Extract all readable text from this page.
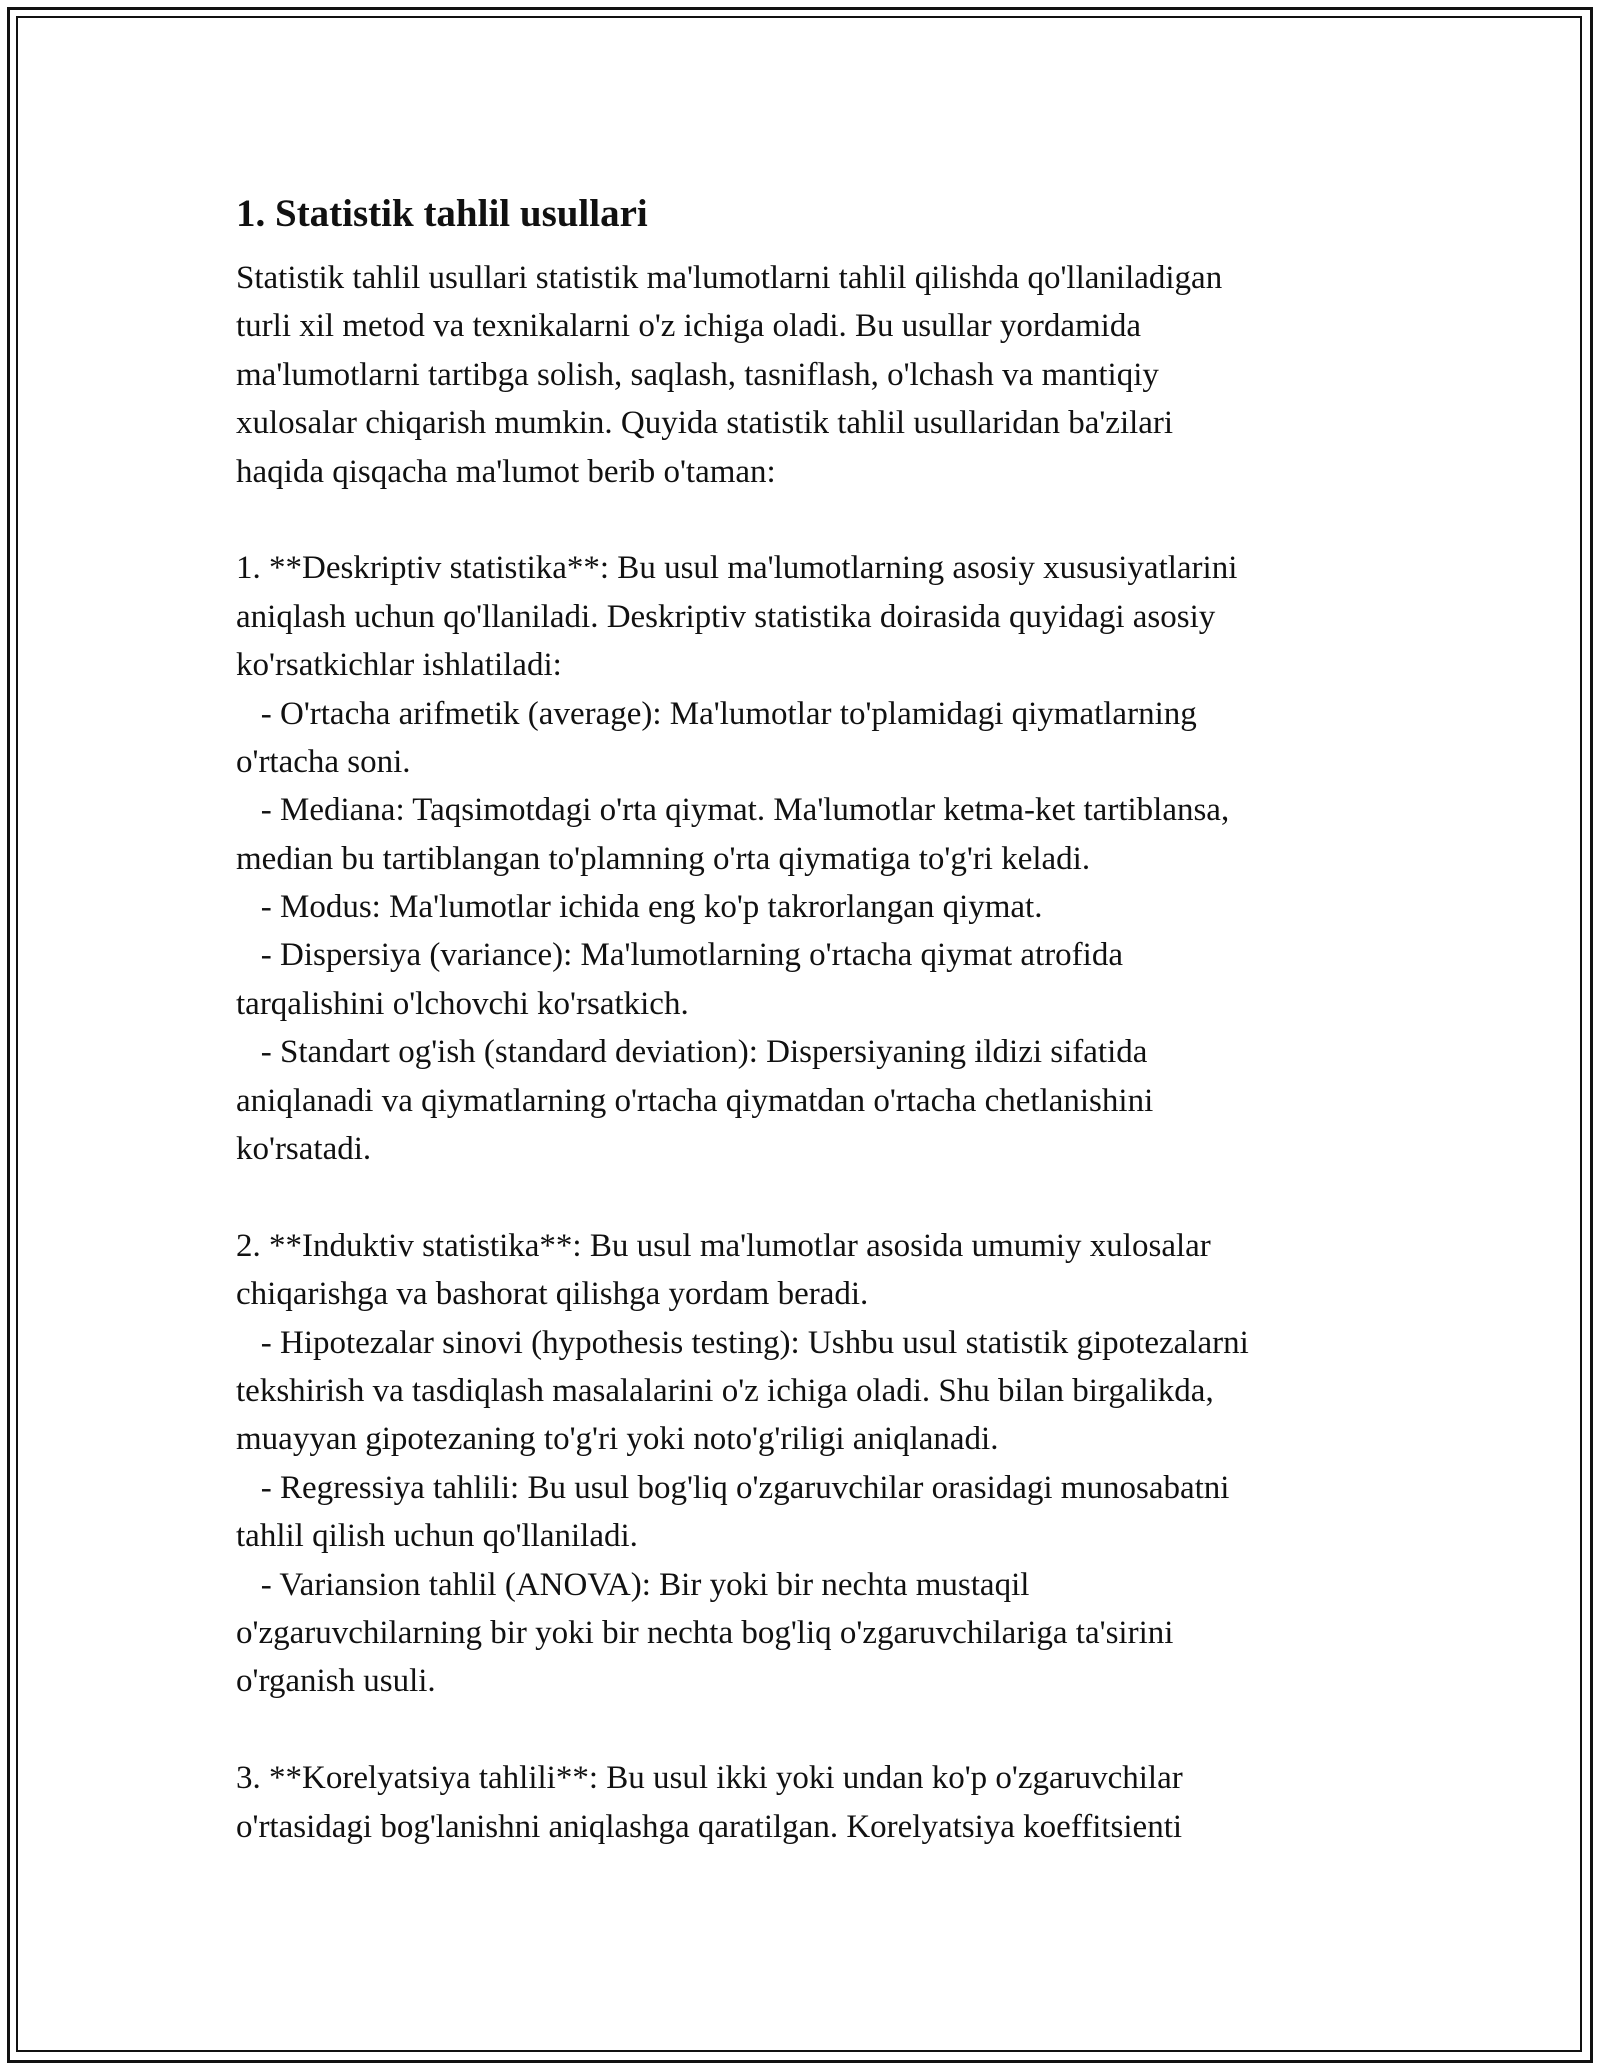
1. Statistik tahlil usullari
Statistik tahlil usullari statistik ma'lumotlarni tahlil qilishda qo'llaniladigan
turli xil metod va texnikalarni o'z ichiga oladi. Bu usullar yordamida
ma'lumotlarni tartibga solish, saqlash, tasniflash, o'lchash va mantiqiy
xulosalar chiqarish mumkin. Quyida statistik tahlil usullaridan ba'zilari
haqida qisqacha ma'lumot berib o'taman:
1. **Deskriptiv statistika**: Bu usul ma'lumotlarning asosiy xususiyatlarini
aniqlash uchun qo'llaniladi. Deskriptiv statistika doirasida quyidagi asosiy
ko'rsatkichlar ishlatiladi:
- O'rtacha arifmetik (average): Ma'lumotlar to'plamidagi qiymatlarning
o'rtacha soni.
- Mediana: Taqsimotdagi o'rta qiymat. Ma'lumotlar ketma-ket tartiblansa,
median bu tartiblangan to'plamning o'rta qiymatiga to'g'ri keladi.
- Modus: Ma'lumotlar ichida eng ko'p takrorlangan qiymat.
- Dispersiya (variance): Ma'lumotlarning o'rtacha qiymat atrofida
tarqalishini o'lchovchi ko'rsatkich.
- Standart og'ish (standard deviation): Dispersiyaning ildizi sifatida
aniqlanadi va qiymatlarning o'rtacha qiymatdan o'rtacha chetlanishini
ko'rsatadi.
2. **Induktiv statistika**: Bu usul ma'lumotlar asosida umumiy xulosalar
chiqarishga va bashorat qilishga yordam beradi.
- Hipotezalar sinovi (hypothesis testing): Ushbu usul statistik gipotezalarni
tekshirish va tasdiqlash masalalarini o'z ichiga oladi. Shu bilan birgalikda,
muayyan gipotezaning to'g'ri yoki noto'g'riligi aniqlanadi.
- Regressiya tahlili: Bu usul bog'liq o'zgaruvchilar orasidagi munosabatni
tahlil qilish uchun qo'llaniladi.
- Variansion tahlil (ANOVA): Bir yoki bir nechta mustaqil
o'zgaruvchilarning bir yoki bir nechta bog'liq o'zgaruvchilariga ta'sirini
o'rganish usuli.
3. **Korelyatsiya tahlili**: Bu usul ikki yoki undan ko'p o'zgaruvchilar
o'rtasidagi bog'lanishni aniqlashga qaratilgan. Korelyatsiya koeffitsienti
